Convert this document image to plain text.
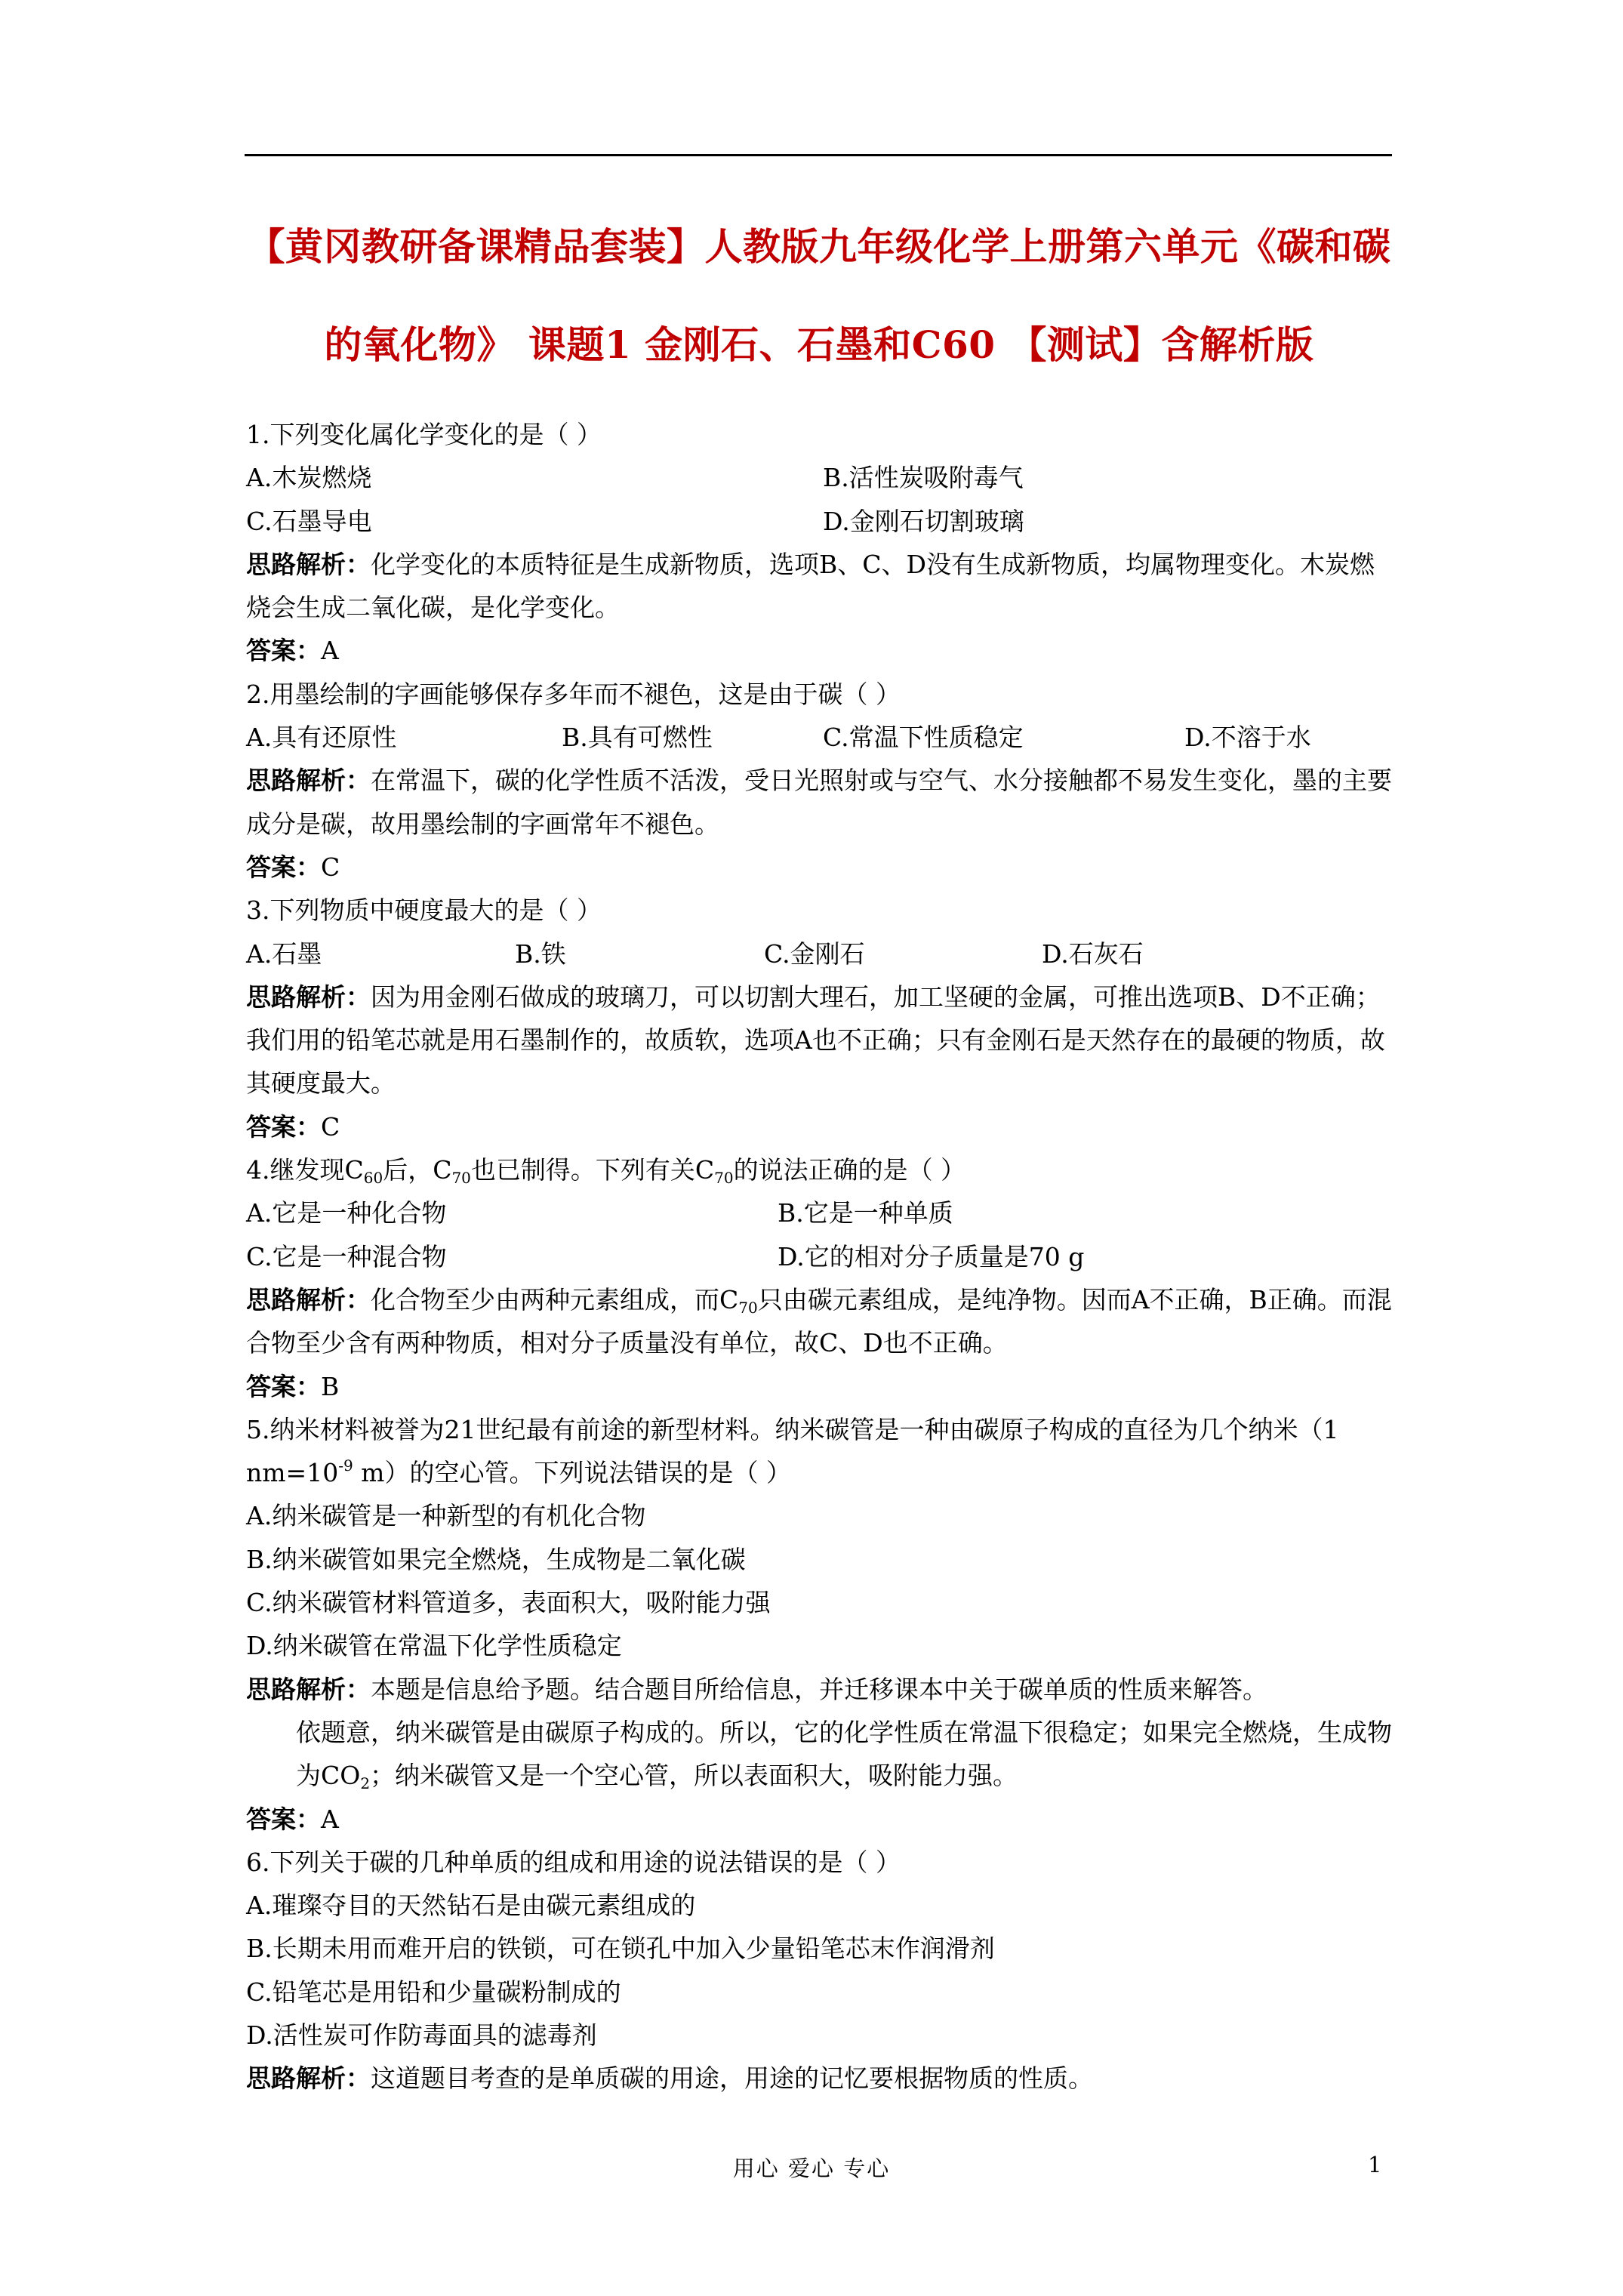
【黄冈教研备课精品套装】人教版九年级化学上册第六单元《碳和碳
的氧化物》 课题1 金刚石、石墨和C60 【测试】含解析版
1.下列变化属化学变化的是（ ）
A.木炭燃烧	B.活性炭吸附毒气
C.石墨导电	D.金刚石切割玻璃
思路解析：化学变化的本质特征是生成新物质，选项B、C、D没有生成新物质，均属物理变化。木炭燃烧会生成二氧化碳，是化学变化。
答案：A
2.用墨绘制的字画能够保存多年而不褪色，这是由于碳（ ）
A.具有还原性	B.具有可燃性	C.常温下性质稳定	D.不溶于水
思路解析：在常温下，碳的化学性质不活泼，受日光照射或与空气、水分接触都不易发生变化，墨的主要成分是碳，故用墨绘制的字画常年不褪色。
答案：C
3.下列物质中硬度最大的是（ ）
A.石墨	B.铁	C.金刚石	D.石灰石
思路解析：因为用金刚石做成的玻璃刀，可以切割大理石，加工坚硬的金属，可推出选项B、D不正确；我们用的铅笔芯就是用石墨制作的，故质软，选项A也不正确；只有金刚石是天然存在的最硬的物质，故其硬度最大。
答案：C
4.继发现$C_{60}$后，$C_{70}$也已制得。下列有关$C_{70}$的说法正确的是（ ）
A.它是一种化合物	B.它是一种单质
C.它是一种混合物	D.它的相对分子质量是70 g
思路解析：化合物至少由两种元素组成，而$C_{70}$只由碳元素组成，是纯净物。因而A不正确，B正确。而混合物至少含有两种物质，相对分子质量没有单位，故C、D也不正确。
答案：B
5.纳米材料被誉为21世纪最有前途的新型材料。纳米碳管是一种由碳原子构成的直径为几个纳米（1 $nm=10^{-9}$ m）的空心管。下列说法错误的是（ ）
A.纳米碳管是一种新型的有机化合物
B.纳米碳管如果完全燃烧，生成物是二氧化碳
C.纳米碳管材料管道多，表面积大，吸附能力强
D.纳米碳管在常温下化学性质稳定
思路解析：本题是信息给予题。结合题目所给信息，并迁移课本中关于碳单质的性质来解答。
依题意，纳米碳管是由碳原子构成的。所以，它的化学性质在常温下很稳定；如果完全燃烧，生成物为$CO_2$；纳米碳管又是一个空心管，所以表面积大，吸附能力强。
答案：A
6.下列关于碳的几种单质的组成和用途的说法错误的是（ ）
A.璀璨夺目的天然钻石是由碳元素组成的
B.长期未用而难开启的铁锁，可在锁孔中加入少量铅笔芯末作润滑剂
C.铅笔芯是用铅和少量碳粉制成的
D.活性炭可作防毒面具的滤毒剂
思路解析：这道题目考查的是单质碳的用途，用途的记忆要根据物质的性质。
用心 爱心 专心	1
